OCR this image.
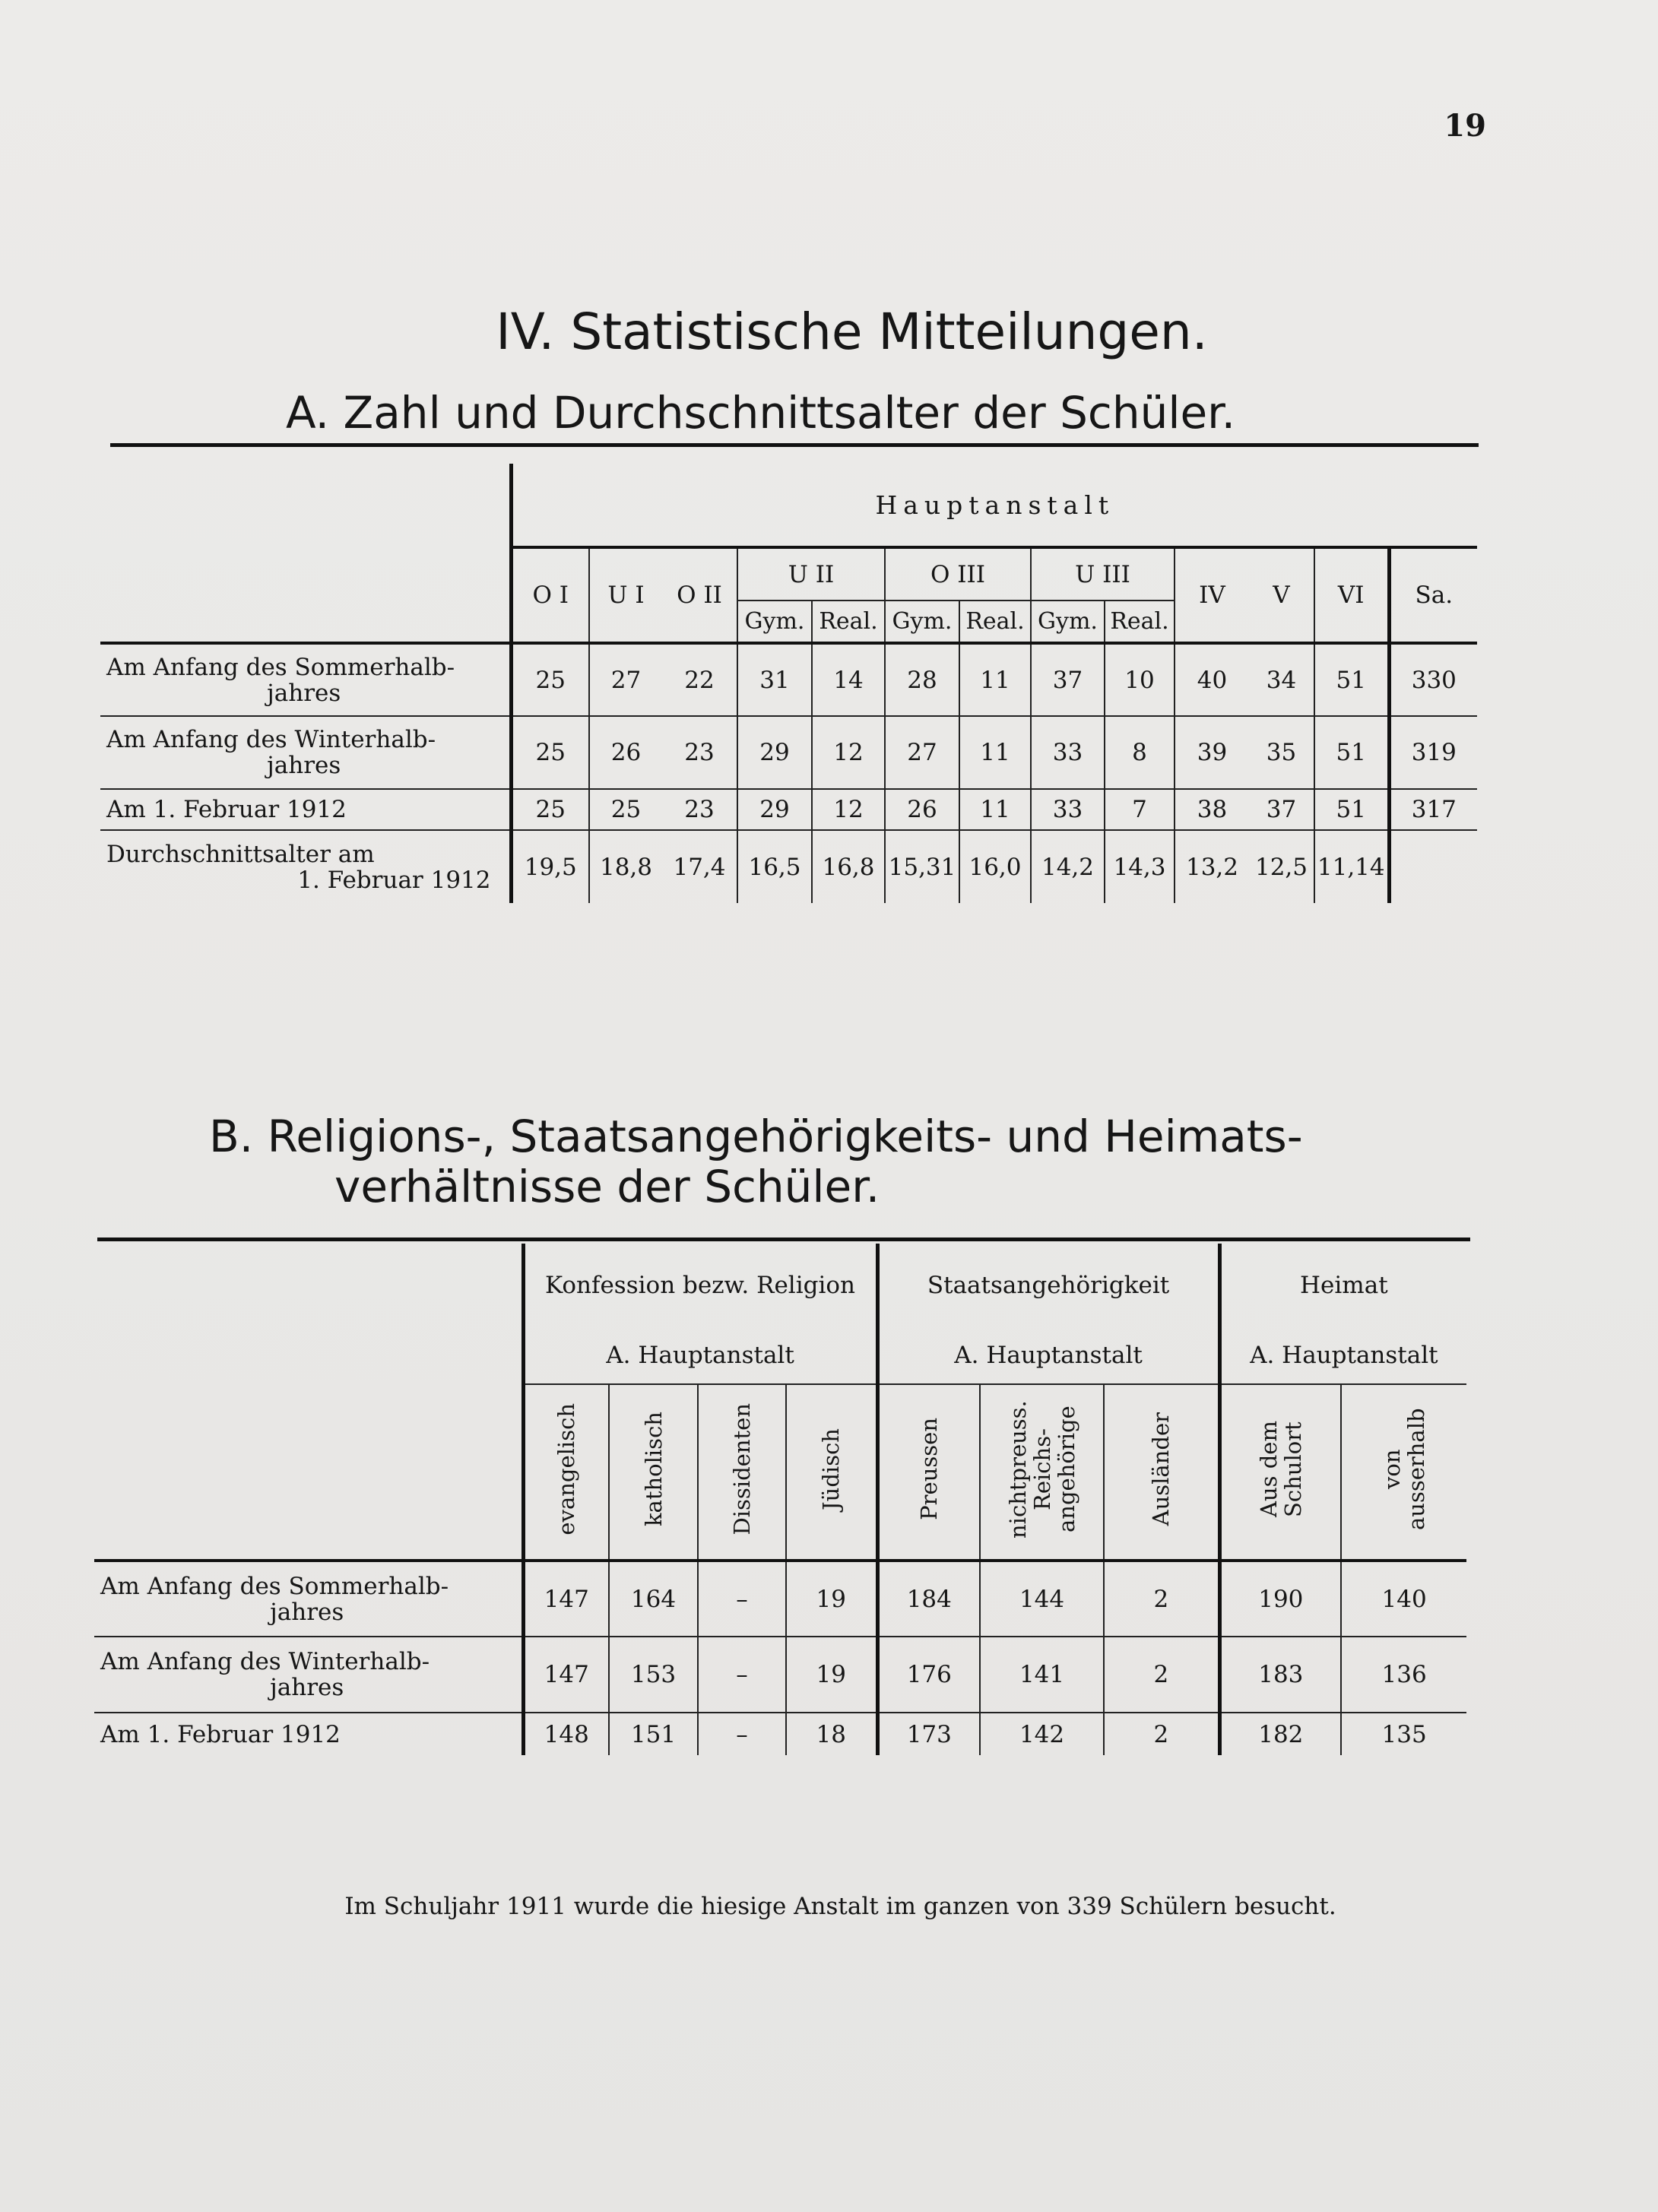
19
IV. Statistische Mitteilungen.
A. Zahl und Durchschnittsalter der Schüler.
	Hauptanstalt												
	O I	U I	O II	U II		O III		U III		IV	V	VI	Sa.
				Gym.	Real.	Gym.	Real.	Gym.	Real.				

Am Anfang des Sommerhalb-
jahres	25	27	22	31	14	28	11	37	10	40	34	51	330

Am Anfang des Winterhalb-
jahres	25	26	23	29	12	27	11	33	8	39	35	51	319
Am 1. Februar 1912	25	25	23	29	12	26	11	33	7	38	37	51	317

Durchschnittsalter am
1. Februar 1912	19,5	18,8	17,4	16,5	16,8	15,31	16,0	14,2	14,3	13,2	12,5	11,14	
B. Religions-, Staatsangehörigkeits- und Heimats-
verhältnisse der Schüler.
	Konfession bezw. Religion				Staatsangehörigkeit			Heimat	
	A. Hauptanstalt				A. Hauptanstalt			A. Hauptanstalt	
	evangelisch	katholisch	Dissidenten	Jüdisch	Preussen	nichtpreuss. Reichs-angehörige	Ausländer	Aus dem Schulort	von ausserhalb

Am Anfang des Sommerhalb-
jahres	147	164	–	19	184	144	2	190	140

Am Anfang des Winterhalb-
jahres	147	153	–	19	176	141	2	183	136
Am 1. Februar 1912	148	151	–	18	173	142	2	182	135
Im Schuljahr 1911 wurde die hiesige Anstalt im ganzen von 339 Schülern besucht.
